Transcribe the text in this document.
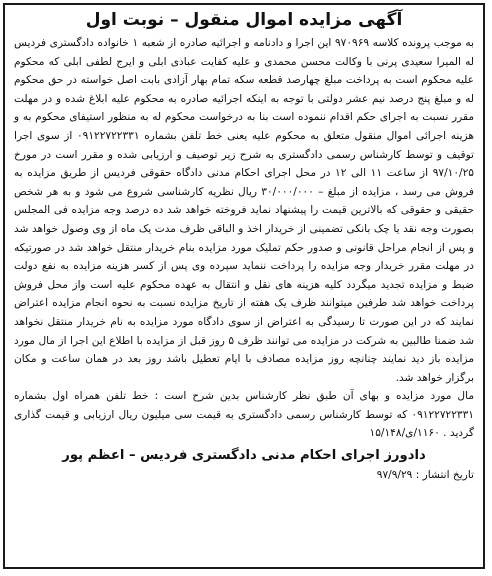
آگهی مزایده اموال منقول – نوبت اول

به موجب پرونده کلاسه ۹۷۰۹۶۹ این اجرا و دادنامه و اجرائیه صادره از شعبه ۱ خانواده دادگستری فردیس له المیرا سعیدی پرنی با وکالت محسن محمدی و علیه کفایت عبادی ابلی و ایرج لطفی ابلی که محکوم علیه محکوم است به پرداخت مبلغ چهارصد قطعه سکه تمام بهار آزادی بابت اصل خواسته در حق محکوم له و مبلغ پنج درصد نیم عشر دولتی با توجه به اینکه اجرائیه صادره به محکوم علیه ابلاغ شده و در مهلت مقرر نسبت به اجرای حکم اقدام ننموده است بنا به درخواست محکوم له به منظور استیفای محکوم به و هزینه اجرائی اموال منقول متعلق به محکوم علیه یعنی خط تلفن بشماره ۰۹۱۲۲۷۲۲۳۳۱ از سوی اجرا توقیف و توسط کارشناس رسمی دادگستری به شرح زیر توصیف و ارزیابی شده و مقرر است در مورخ ۹۷/۱۰/۲۵ از ساعت ۱۱ الی ۱۲ در محل اجرای احکام مدنی دادگاه حقوقی فردیس از طریق مزایده به فروش می رسد ، مزایده از مبلغ – ۳۰/۰۰۰/۰۰۰ ریال نظریه کارشناسی شروع می شود و به هر شخص حقیقی و حقوقی که بالاترین قیمت را پیشنهاد نماید فروخته خواهد شد ده درصد وجه مزایده فی المجلس بصورت وجه نقد یا چک بانکی تضمینی از خریدار اخذ و الباقی ظرف مدت یک ماه از وی وصول خواهد شد و پس از انجام مراحل قانونی و صدور حکم تملیک مورد مزایده بنام خریدار منتقل خواهد شد در صورتیکه در مهلت مقرر خریدار وجه مزایده را پرداخت ننماید سپرده وی پس از کسر هزینه مزایده به نفع دولت ضبط و مزایده تجدید میگردد کلیه هزینه های نقل و انتقال به عهده محکوم علیه است واز محل فروش پرداخت خواهد شد طرفین میتوانند ظرف یک هفته از تاریخ مزایده نسبت به نحوه انجام مزایده اعتراض نمایند که در این صورت تا رسیدگی به اعتراض از سوی دادگاه مورد مزایده به نام خریدار منتقل نخواهد شد ضمنا طالبین به شرکت در مزایده می توانند ظرف ۵ روز قبل از مزایده با اطلاع این اجرا از مال مورد مزایده باز دید نمایند چنانچه روز مزایده مصادف با ایام تعطیل باشد روز بعد در همان ساعت و مکان برگزار خواهد شد.

مال مورد مزایده و بهای آن طبق نظر کارشناس بدین شرح است : خط تلفن همراه اول بشماره ۰۹۱۲۲۷۲۲۳۳۱ که توسط کارشناس رسمی دادگستری به قیمت سی میلیون ریال ارزیابی و قیمت گذاری گردید . ۱۱۶۰/ی/۱۵/۱۴۸

دادورز اجرای احکام مدنی دادگستری فردیس – اعظم پور
تاریخ انتشار : ۹۷/۹/۲۹
